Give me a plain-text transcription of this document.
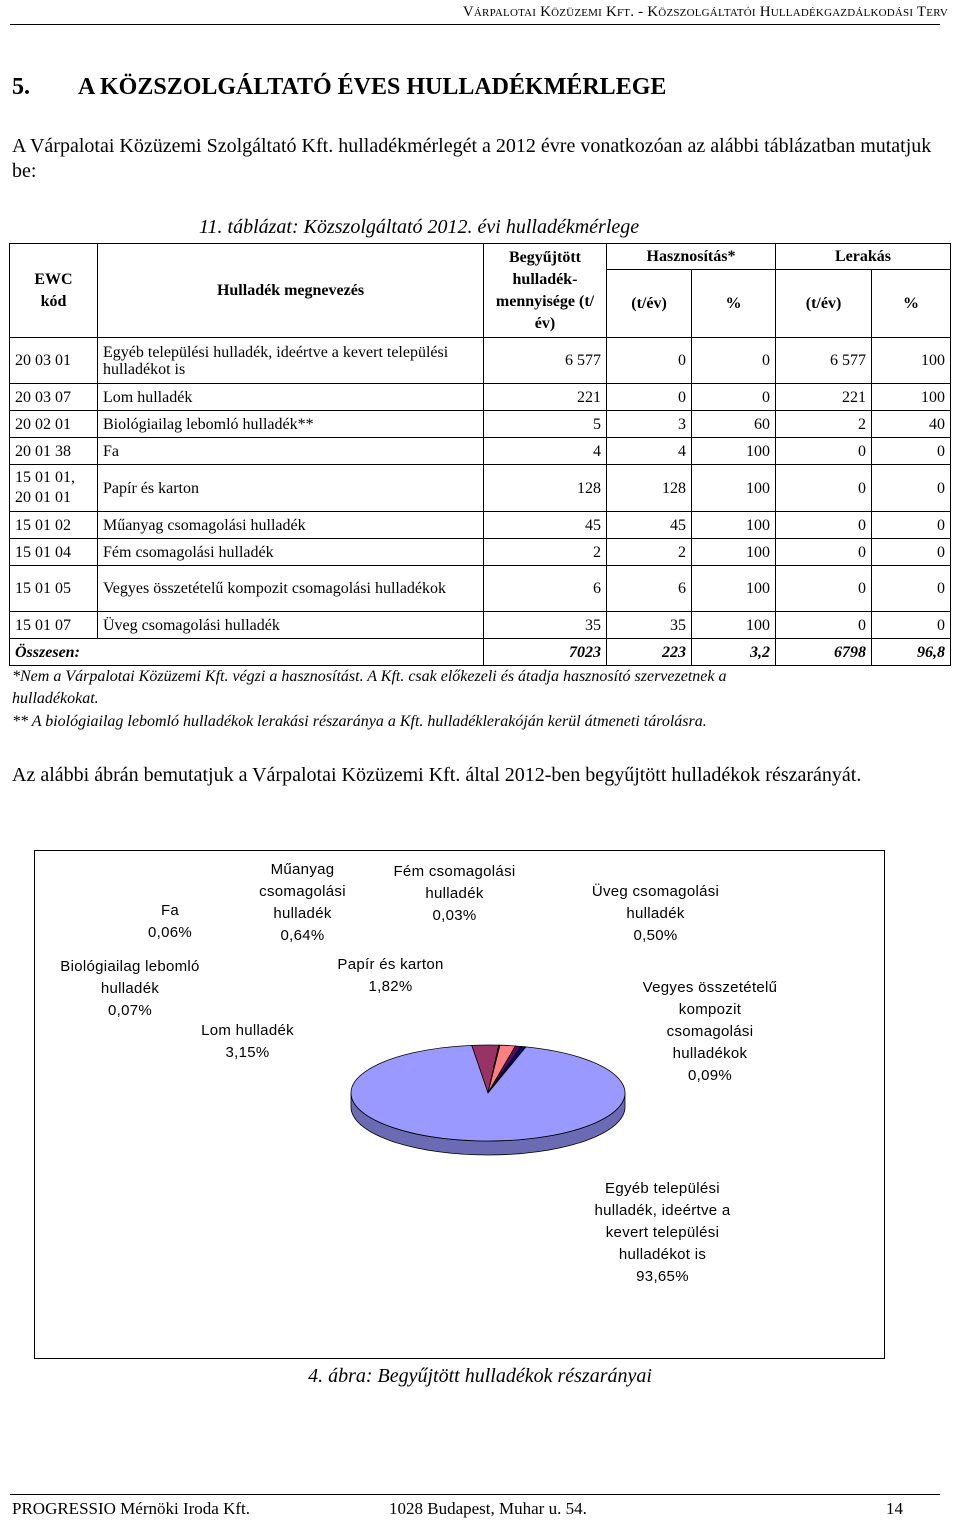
Várpalotai Közüzemi Kft. - Közszolgáltatói Hulladékgazdálkodási Terv
5. A KÖZSZOLGÁLTATÓ ÉVES HULLADÉKMÉRLEGE
A Várpalotai Közüzemi Szolgáltató Kft. hulladékmérlegét a 2012 évre vonatkozóan az alábbi táblázatban mutatjuk be:
11. táblázat: Közszolgáltató 2012. évi hulladékmérlege
EWC kód	Hulladék megnevezés	Begyűjtött hulladék-mennyisége (t/év)	Hasznosítás*		Lerakás	
			(t/év)	%	(t/év)	%
20 03 01	Egyéb települési hulladék, ideértve a kevert települési hulladékot is	6 577	0	0	6 577	100
20 03 07	Lom hulladék	221	0	0	221	100
20 02 01	Biológiailag lebomló hulladék**	5	3	60	2	40
20 01 38	Fa	4	4	100	0	0
15 01 01, 20 01 01	Papír és karton	128	128	100	0	0
15 01 02	Műanyag csomagolási hulladék	45	45	100	0	0
15 01 04	Fém csomagolási hulladék	2	2	100	0	0
15 01 05	Vegyes összetételű kompozit csomagolási hulladékok	6	6	100	0	0
15 01 07	Üveg csomagolási hulladék	35	35	100	0	0
Összesen:		7023	223	3,2	6798	96,8
*Nem a Várpalotai Közüzemi Kft. végzi a hasznosítást. A Kft. csak előkezeli és átadja hasznosító szervezetnek a
hulladékokat.
** A biológiailag lebomló hulladékok lerakási részaránya a Kft. hulladéklerakóján kerül átmeneti tárolásra.
Az alábbi ábrán bemutatjuk a Várpalotai Közüzemi Kft. által 2012-ben begyűjtött hulladékok részarányát.
Egyéb települési
hulladék, ideértve a
kevert települési
hulladékot is
93,65%
Lom hulladék
3,15%
Biológiailag lebomló
hulladék
0,07%
Fa
0,06%
Papír és karton
1,82%
Műanyag
csomagolási
hulladék
0,64%
Fém csomagolási
hulladék
0,03%
Üveg csomagolási
hulladék
0,50%
Vegyes összetételű
kompozit
csomagolási
hulladékok
0,09%
4. ábra: Begyűjtött hulladékok részarányai
PROGRESSIO Mérnöki Iroda Kft.	1028 Budapest, Muhar u. 54.	14
